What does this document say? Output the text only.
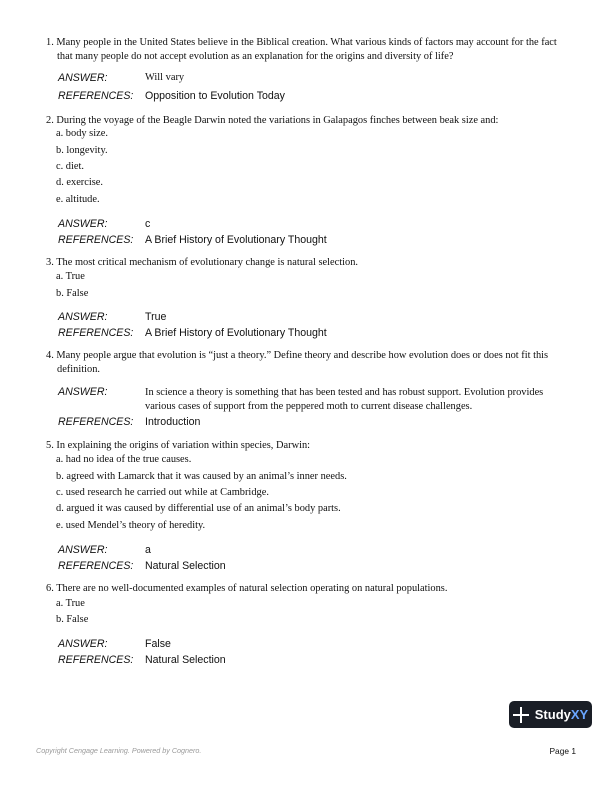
1. Many people in the United States believe in the Biblical creation. What various kinds of factors may account for the fact that many people do not accept evolution as an explanation for the origins and diversity of life?
ANSWER:	Will vary
REFERENCES: Opposition to Evolution Today
2. During the voyage of the Beagle Darwin noted the variations in Galapagos finches between beak size and:
a. body size.
b. longevity.
c. diet.
d. exercise.
e. altitude.
ANSWER:	c
REFERENCES: A Brief History of Evolutionary Thought
3. The most critical mechanism of evolutionary change is natural selection.
a. True
b. False
ANSWER:	True
REFERENCES: A Brief History of Evolutionary Thought
4. Many people argue that evolution is “just a theory.” Define theory and describe how evolution does or does not fit this definition.
ANSWER:	In science a theory is something that has been tested and has robust support. Evolution provides various cases of support from the peppered moth to current disease challenges.
REFERENCES: Introduction
5. In explaining the origins of variation within species, Darwin:
a. had no idea of the true causes.
b. agreed with Lamarck that it was caused by an animal’s inner needs.
c. used research he carried out while at Cambridge.
d. argued it was caused by differential use of an animal’s body parts.
e. used Mendel’s theory of heredity.
ANSWER:	a
REFERENCES: Natural Selection
6. There are no well-documented examples of natural selection operating on natural populations.
a. True
b. False
ANSWER:	False
REFERENCES: Natural Selection
StudyXY
Copyright Cengage Learning. Powered by Cognero.	Page 1
